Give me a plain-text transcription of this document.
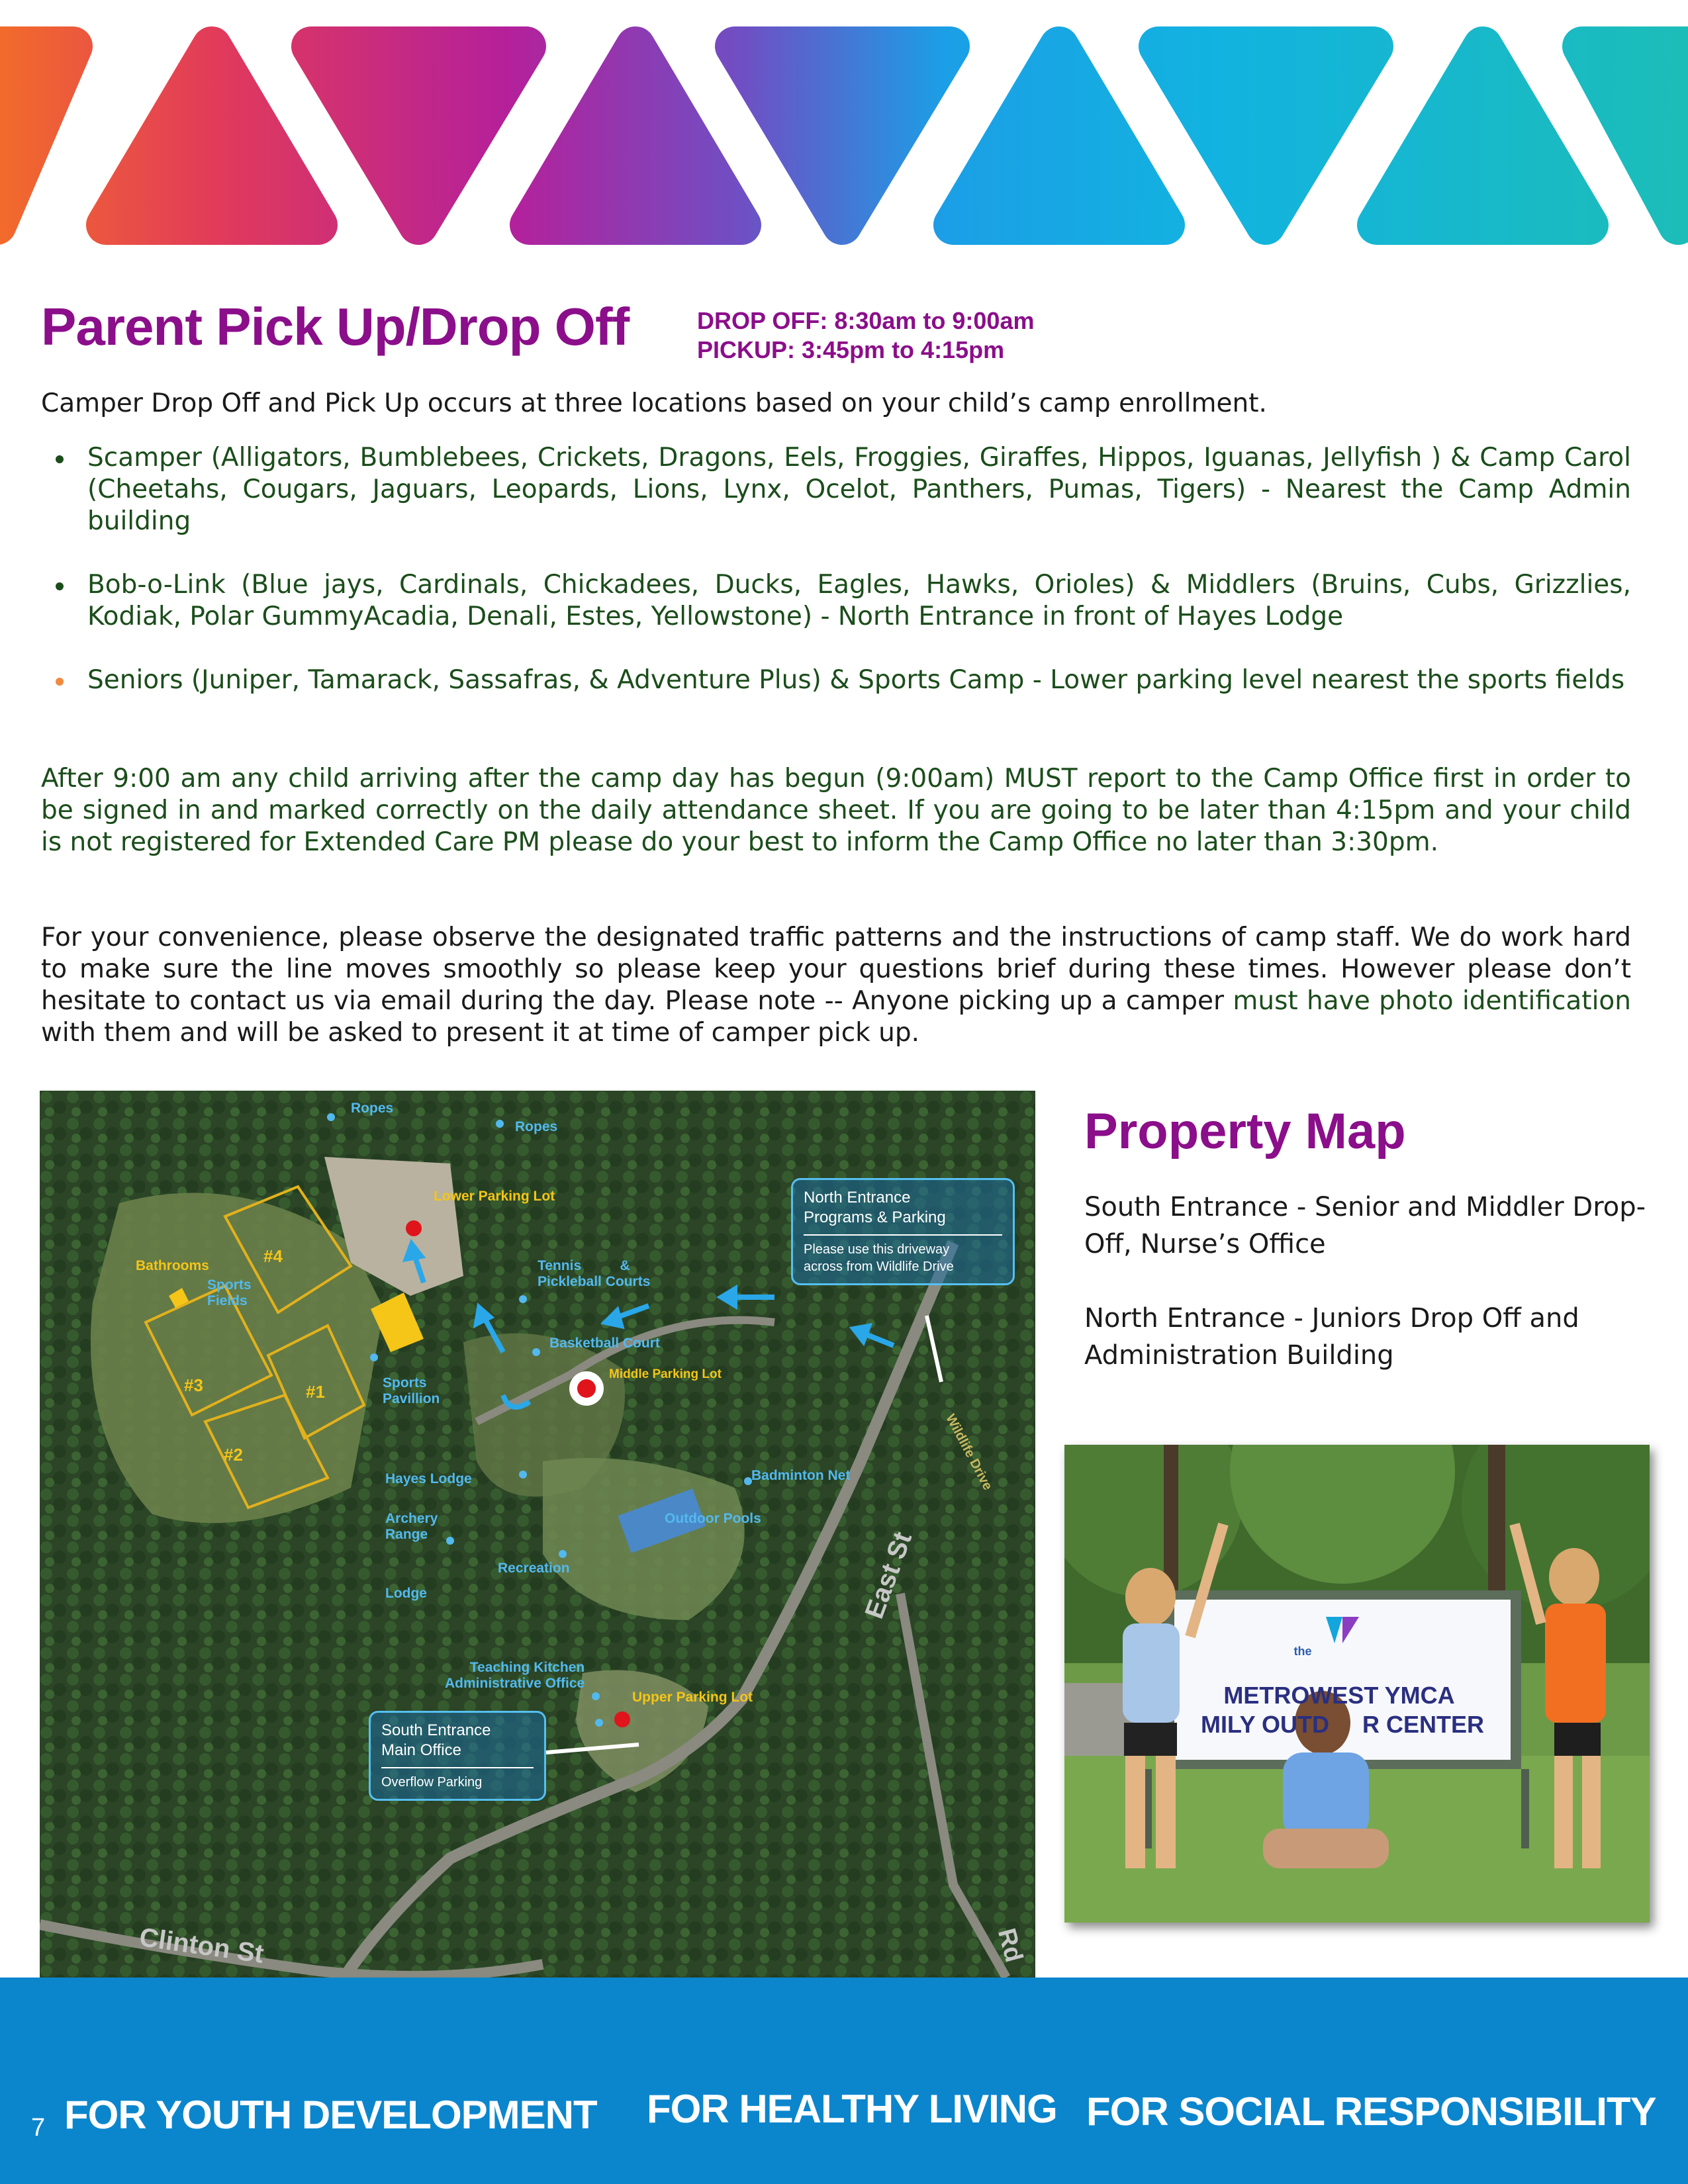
Parent Pick Up/Drop Off	DROP OFF: 8:30am to 9:00am
PICKUP: 3:45pm to 4:15pm

Camper Drop Off and Pick Up occurs at three locations based on your child’s camp enrollment.

Scamper (Alligators, Bumblebees, Crickets, Dragons, Eels, Froggies, Giraffes, Hippos, Iguanas, Jellyfish ) & Camp Carol (Cheetahs, Cougars, Jaguars, Leopards, Lions, Lynx, Ocelot, Panthers, Pumas, Tigers) - Nearest the Camp Admin building
Bob-o-Link (Blue jays, Cardinals, Chickadees, Ducks, Eagles, Hawks, Orioles) & Middlers (Bruins, Cubs, Grizzlies, Kodiak, Polar GummyAcadia, Denali, Estes, Yellowstone) - North Entrance in front of Hayes Lodge
Seniors (Juniper, Tamarack, Sassafras, & Adventure Plus) & Sports Camp - Lower parking level nearest the sports fields

After 9:00 am any child arriving after the camp day has begun (9:00am) MUST report to the Camp Office first in order to be signed in and marked correctly on the daily attendance sheet. If you are going to be later than 4:15pm and your child is not registered for Extended Care PM please do your best to inform the Camp Office no later than 3:30pm.

For your convenience, please observe the designated traffic patterns and the instructions of camp staff. We do work hard to make sure the line moves smoothly so please keep your questions brief during these times. However please don’t hesitate to contact us via email during the day. Please note -- Anyone picking up a camper must have photo identification with them and will be asked to present it at time of camper pick up.

Ropes
Ropes
Lower Parking Lot
Bathrooms
Sports
Fields
#4
#3	#1
#2
Tennis          &
Pickleball Courts
Basketball Court
Middle Parking Lot
Sports
Pavillion
Hayes Lodge	Badminton Net
Archery
Range
Outdoor Pools
Lodge
Recreation
Teaching Kitchen
Administrative Office
Upper Parking Lot
Wildlife Drive
East St
Clinton St	Rd
North Entrance
Programs & Parking
Please use this driveway
across from Wildlife Drive
South Entrance
Main Office
Overflow Parking
Property Map
South Entrance - Senior and Middler Drop-Off, Nurse’s Office
North Entrance - Juniors Drop Off and Administration Building
the
METROWEST YMCA
MILY OUTD R CENTER
7 FOR YOUTH DEVELOPMENT FOR HEALTHY LIVING FOR SOCIAL RESPONSIBILITY
